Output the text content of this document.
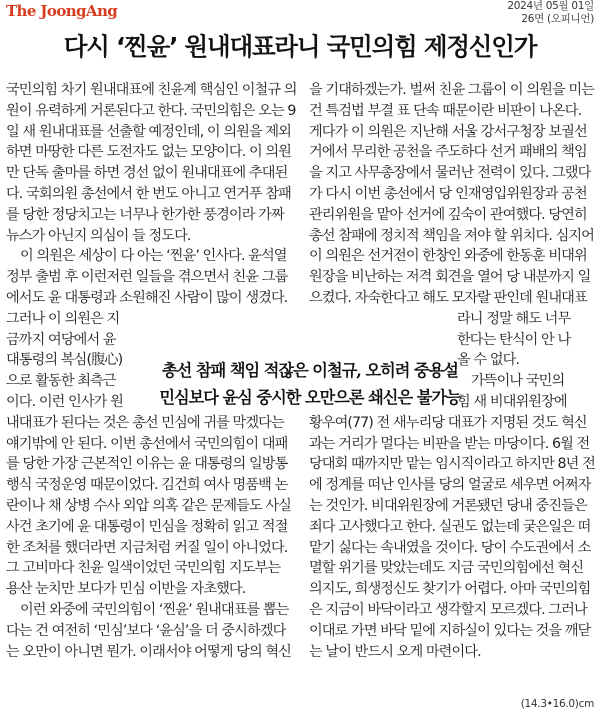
The JoongAng	2024년 05월 01일
26면 (오피니언)
다시 ‘찐윤’ 원내대표라니 국민의힘 제정신인가
국민의힘 차기 원내대표에 친윤계 핵심인 이철규 의
원이 유력하게 거론된다고 한다. 국민의힘은 오는 9
일 새 원내대표를 선출할 예정인데, 이 의원을 제외
하면 마땅한 다른 도전자도 없는 모양이다. 이 의원
만 단독 출마를 하면 경선 없이 원내대표에 추대된
다. 국회의원 총선에서 한 번도 아니고 연거푸 참패
를 당한 정당치고는 너무나 한가한 풍경이라 가짜
뉴스가 아닌지 의심이 들 정도다.
이 의원은 세상이 다 아는 ‘찐윤’ 인사다. 윤석열
정부 출범 후 이런저런 일들을 겪으면서 친윤 그룹
에서도 윤 대통령과 소원해진 사람이 많이 생겼다.
그러나 이 의원은 지
금까지 여당에서 윤
대통령의 복심(腹心)
으로 활동한 최측근
이다. 이런 인사가 원
내대표가 된다는 것은 총선 민심에 귀를 막겠다는
얘기밖에 안 된다. 이번 총선에서 국민의힘이 대패
를 당한 가장 근본적인 이유는 윤 대통령의 일방통
행식 국정운영 때문이었다. 김건희 여사 명품백 논
란이나 채 상병 수사 외압 의혹 같은 문제들도 사실
사건 초기에 윤 대통령이 민심을 정확히 읽고 적절
한 조처를 했더라면 지금처럼 커질 일이 아니었다.
그 고비마다 친윤 일색이었던 국민의힘 지도부는
용산 눈치만 보다가 민심 이반을 자초했다.
이런 와중에 국민의힘이 ‘찐윤’ 원내대표를 뽑는
다는 건 여전히 ‘민심’보다 ‘윤심’을 더 중시하겠다
는 오만이 아니면 뭔가. 이래서야 어떻게 당의 혁신
을 기대하겠는가. 벌써 친윤 그룹이 이 의원을 미는
건 특검법 부결 표 단속 때문이란 비판이 나온다.
게다가 이 의원은 지난해 서울 강서구청장 보궐선
거에서 무리한 공천을 주도하다 선거 패배의 책임
을 지고 사무총장에서 물러난 전력이 있다. 그랬다
가 다시 이번 총선에서 당 인재영입위원장과 공천
관리위원을 맡아 선거에 깊숙이 관여했다. 당연히
총선 참패에 정치적 책임을 져야 할 위치다. 심지어
이 의원은 선거전이 한창인 와중에 한동훈 비대위
원장을 비난하는 저격 회견을 열어 당 내분까지 일
으켰다. 자숙한다고 해도 모자랄 판인데 원내대표
라니 정말 해도 너무
한다는 탄식이 안 나
올 수 없다.
가뜩이나 국민의
힘 새 비대위원장에
황우여(77) 전 새누리당 대표가 지명된 것도 혁신
과는 거리가 멀다는 비판을 받는 마당이다. 6월 전
당대회 때까지만 맡는 임시직이라고 하지만 8년 전
에 정계를 떠난 인사를 당의 얼굴로 세우면 어쩌자
는 것인가. 비대위원장에 거론됐던 당내 중진들은
죄다 고사했다고 한다. 실권도 없는데 궂은일은 떠
맡기 싫다는 속내였을 것이다. 당이 수도권에서 소
멸할 위기를 맞았는데도 지금 국민의힘에선 혁신
의지도, 희생정신도 찾기가 어렵다. 아마 국민의힘
은 지금이 바닥이라고 생각할지 모르겠다. 그러나
이대로 가면 바닥 밑에 지하실이 있다는 것을 깨닫
는 날이 반드시 오게 마련이다.
총선 참패 책임 적잖은 이철규, 오히려 중용설
민심보다 윤심 중시한 오만으론 쇄신은 불가능
(14.3•16.0)cm
